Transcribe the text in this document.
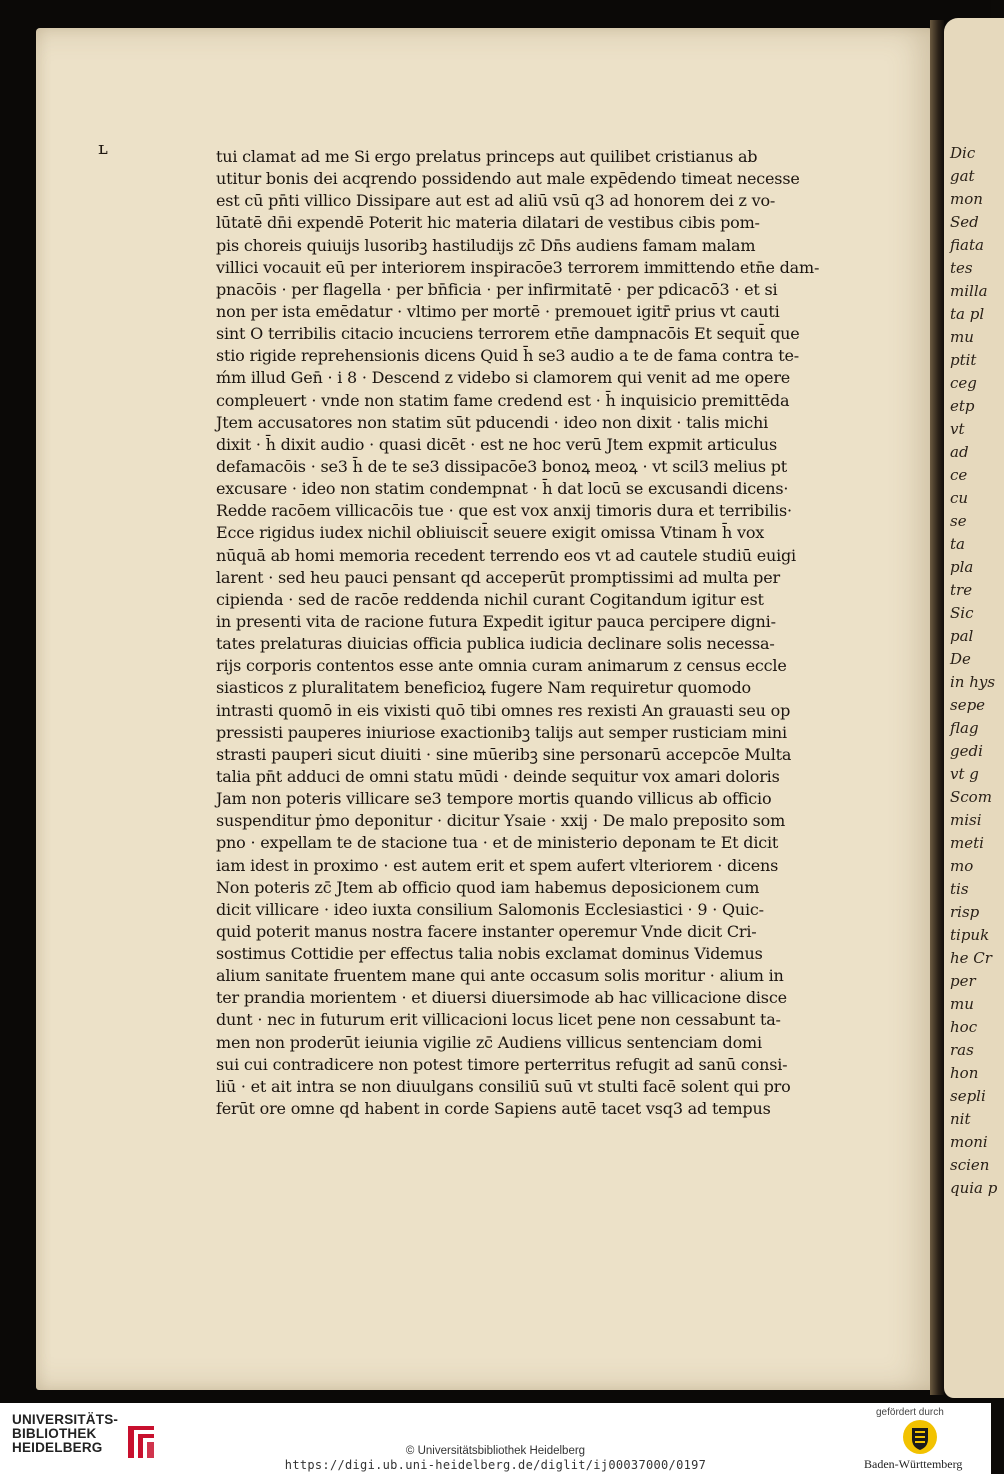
ʟ	Dic
gat
mon
Sed
fiata
tes
milla
ta pl
mu
ptit
ceg
etp
vt
ad
ce
cu
se
ta
pla
tre
Sic
pal
De
in hys
sepe
flag
gedi
vt g
Scom
misi
meti
mo
tis
risp
tipuk
he Cr
per
mu
hoc
ras
hon
sepli
nit
moni
scien
quia p
tui clamat ad me Si ergo prelatus princeps aut quilibet cristianus ab
utitur bonis dei acqrendo possidendo aut male expēdendo timeat necesse
est cū pn̄ti villico Dissipare aut est ad aliū vsū q3 ad honorem dei z vo-
lūtatē dn̄i expendē Poterit hic materia dilatari de vestibus cibis pom-
pis choreis quiuijs lusoribꝫ hastiludijs zc̄ Dn̄s audiens famam malam
villici vocauit eū per interiorem inspiracōe3 terrorem immittendo etn̄e dam-
pnacōis · per flagella · per bn̄ficia · per infirmitatē · per pdicacō3 · et si
non per ista emēdatur · vltimo per mortē · premouet igitr̄ prius vt cauti
sint O terribilis citacio incuciens terrorem etn̄e dampnacōis Et sequit̄ que
stio rigide reprehensionis dicens Quid h̄ se3 audio a te de fama contra te-
ḿm illud Gen̄ · i 8 · Descend z videbo si clamorem qui venit ad me opere
compleuert · vnde non statim fame credend est · h̄ inquisicio premittēda
Jtem accusatores non statim sūt pducendi · ideo non dixit · talis michi
dixit · h̄ dixit audio · quasi dicēt · est ne hoc verū Jtem expmit articulus
defamacōis · se3 h̄ de te se3 dissipacōe3 bonoꝝ meoꝝ · vt scil3 melius pt
excusare · ideo non statim condempnat · h̄ dat locū se excusandi dicens·
Redde racōem villicacōis tue · que est vox anxij timoris dura et terribilis·
Ecce rigidus iudex nichil obliuiscit̄ seuere exigit omissa Vtinam h̄ vox
nūquā ab homi memoria recedent terrendo eos vt ad cautele studiū euigi
larent · sed heu pauci pensant qd acceperūt promptissimi ad multa per
cipienda · sed de racōe reddenda nichil curant Cogitandum igitur est
in presenti vita de racione futura Expedit igitur pauca percipere digni-
tates prelaturas diuicias officia publica iudicia declinare solis necessa-
rijs corporis contentos esse ante omnia curam animarum z census eccle
siasticos z pluralitatem beneficioꝝ fugere Nam requiretur quomodo
intrasti quomō in eis vixisti quō tibi omnes res rexisti An grauasti seu op
pressisti pauperes iniuriose exactionibꝫ talijs aut semper rusticiam mini
strasti pauperi sicut diuiti · sine mūeribꝫ sine personarū accepcōe Multa
talia pn̄t adduci de omni statu mūdi · deinde sequitur vox amari doloris
Jam non poteris villicare se3 tempore mortis quando villicus ab officio
suspenditur ṗmo deponitur · dicitur Ysaie · xxij · De malo preposito som
pno · expellam te de stacione tua · et de ministerio deponam te Et dicit
iam idest in proximo · est autem erit et spem aufert vlteriorem · dicens
Non poteris zc̄ Jtem ab officio quod iam habemus deposicionem cum
dicit villicare · ideo iuxta consilium Salomonis Ecclesiastici · 9 · Quic-
quid poterit manus nostra facere instanter operemur Vnde dicit Cri-
sostimus Cottidie per effectus talia nobis exclamat dominus Videmus
alium sanitate fruentem mane qui ante occasum solis moritur · alium in
ter prandia morientem · et diuersi diuersimode ab hac villicacione disce
dunt · nec in futurum erit villicacioni locus licet pene non cessabunt ta-
men non proderūt ieiunia vigilie zc̄ Audiens villicus sentenciam domi
sui cui contradicere non potest timore perterritus refugit ad sanū consi-
liū · et ait intra se non diuulgans consiliū suū vt stulti facē solent qui pro
ferūt ore omne qd habent in corde Sapiens autē tacet vsq3 ad tempus
UNIVERSITÄTS-
BIBLIOTHEK
HEIDELBERG	© Universitätsbibliothek Heidelberg
https://digi.ub.uni-heidelberg.de/diglit/ij00037000/0197
gefördert durch
Baden-Württemberg
